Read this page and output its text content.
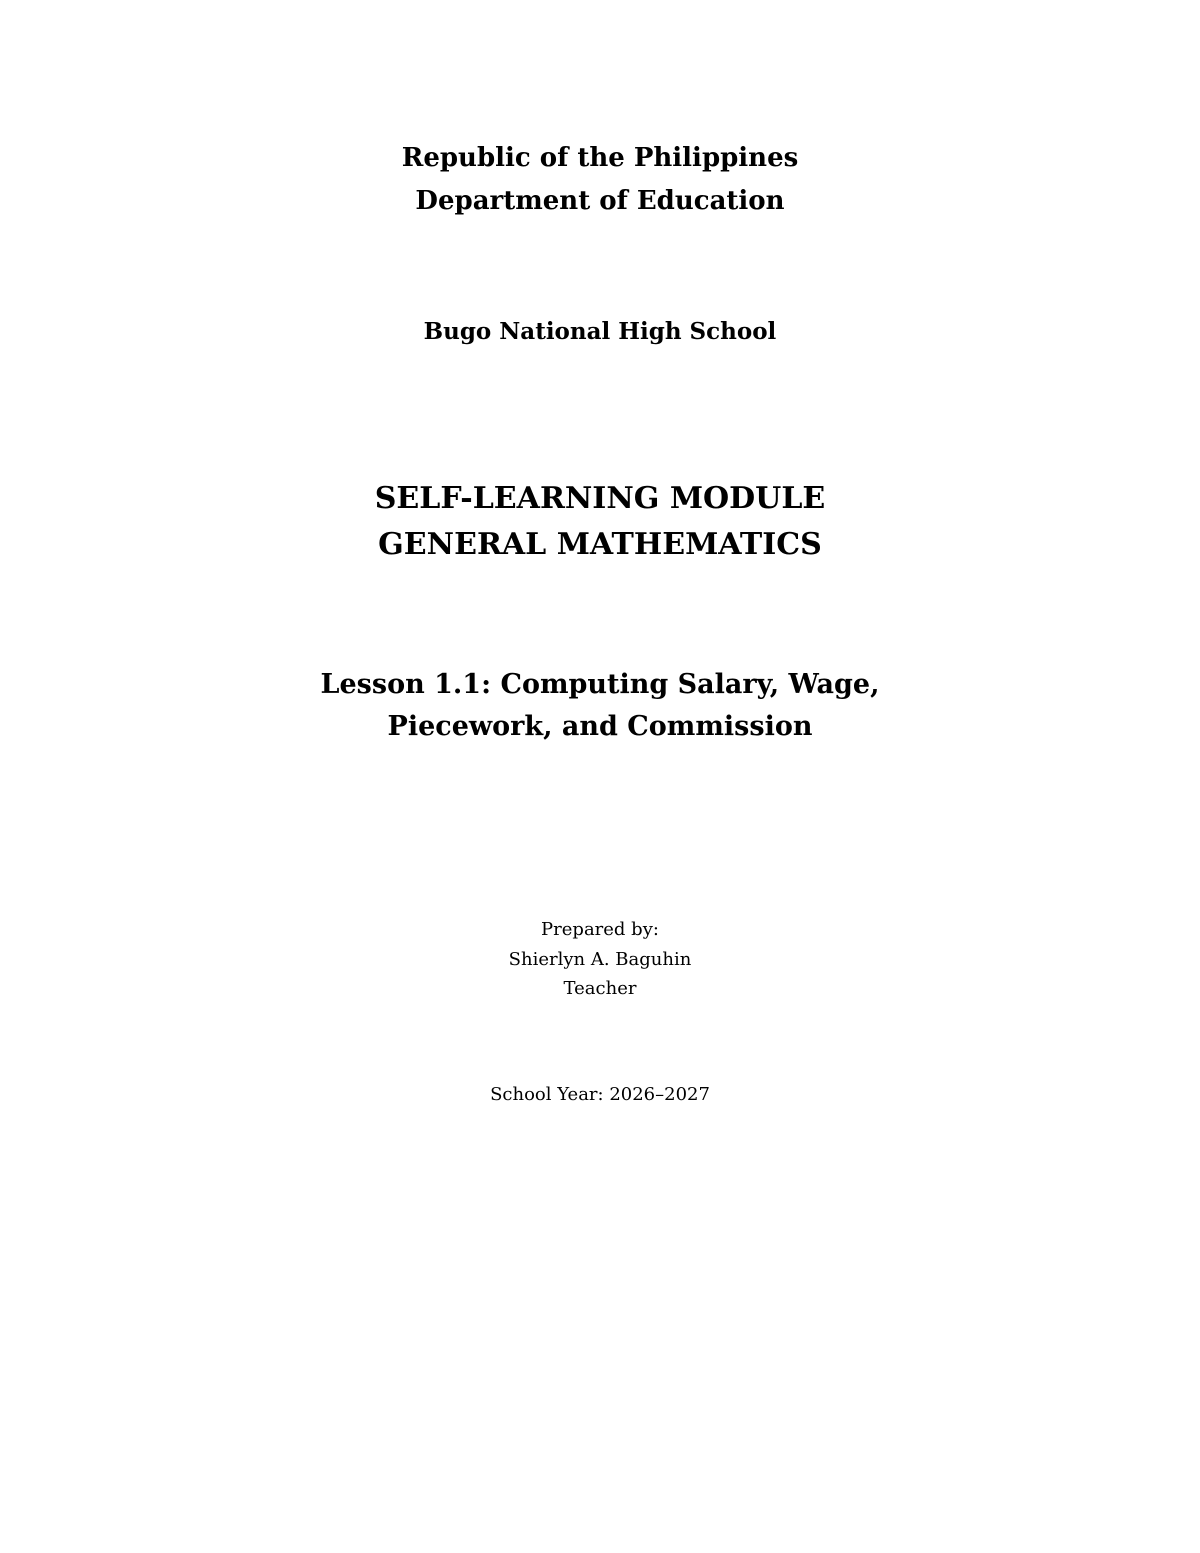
Republic of the Philippines
Department of Education
Bugo National High School
SELF-LEARNING MODULE
GENERAL MATHEMATICS
Lesson 1.1: Computing Salary, Wage,
Piecework, and Commission
Prepared by:
Shierlyn A. Baguhin
Teacher
School Year: 2026–2027
